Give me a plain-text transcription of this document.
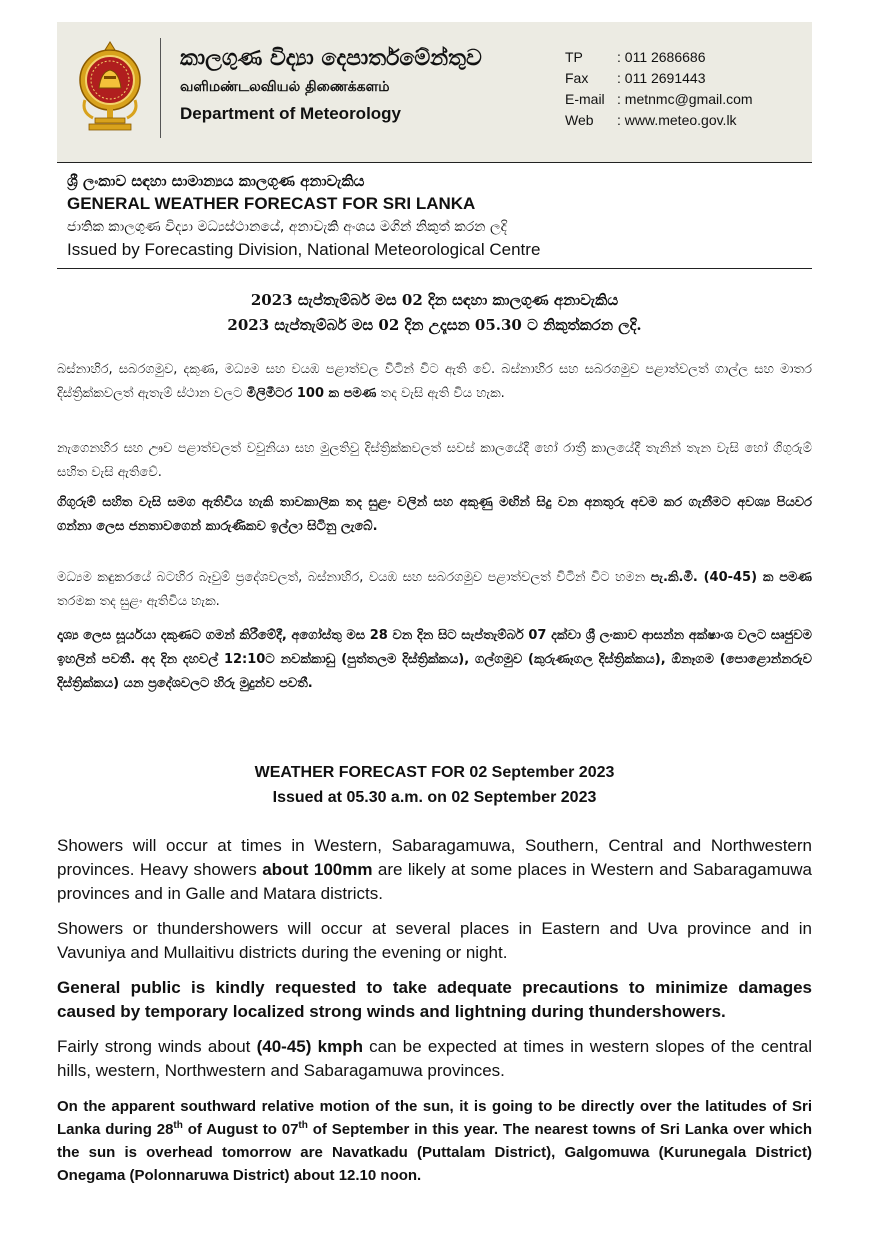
කාලගුණ විද්‍යා දෙපාර්තමේන්තුව
வளிமண்டலவியல் திணைக்களம்
Department of Meteorology
TP : 011 2686686
Fax : 011 2691443
E-mail : metnmc@gmail.com
Web : www.meteo.gov.lk
ශ්‍රී ලංකාව සඳහා සාමාන්‍යය කාලගුණ අනාවැකිය
GENERAL WEATHER FORECAST FOR SRI LANKA
ජාතික කාලගුණ විද්‍යා මධ්‍යස්ථානයේ, අනාවැකි අංශය මගින් නිකුත් කරන ලදි
Issued by Forecasting Division, National Meteorological Centre
2023 සැප්තැම්බර් මස 02 දින සඳහා කාලගුණ අනාවැකිය
2023 සැප්තැම්බර් මස 02 දින උදෑසන 05.30 ට නිකුත්කරන ලදි.
බස්නාහිර, සබරගමුව, දකුණ, මධ්‍යම සහ වයඹ පළාත්වල විටින් විට ඇති වේ. බස්නාහිර සහ සබරගමුව පළාත්වලත් ගාල්ල සහ මාතර දිස්ත්‍රික්කවලත් ඇතැම් ස්ථාන වලට මිලිමීටර 100 ක පමණ තද වැසි ඇති විය හැක.
නැගෙනහිර සහ ඌව පළාත්වලත් වවුනියා සහ මුලතිවු දිස්ත්‍රික්කවලත් සවස් කාලයේදී හෝ රාත්‍රී කාලයේදී තැනින් තැන වැසි හෝ ගිගුරුම් සහිත වැසි ඇතිවේ.
ගිගුරුම් සහිත වැසි සමග ඇතිවිය හැකි තාවකාලික තද සුළං වලින් සහ අකුණු මඟින් සිදු වන අනතුරු අවම කර ගැනීමට අවශ්‍ය පියවර ගන්නා ලෙස ජනතාවගෙන් කාරුණිකව ඉල්ලා සිටිනු ලැබේ.
මධ්‍යම කඳුකරයේ බටහිර බෑවුම් ප්‍රදේශවලත්, බස්නාහිර, වයඹ සහ සබරගමුව පළාත්වලත් විටින් විට හමන පැ.කි.මී. (40-45) ක පමණ තරමක තද සුළං ඇතිවිය හැක.
දෘශ්‍ය ලෙස සූර්යයා දකුණට ගමන් කිරීමේදී, අගෝස්තු මස 28 වන දින සිට සැප්තැම්බර් 07 දක්වා ශ්‍රී ලංකාව ආසන්න අක්ෂාංශ වලට සෘජුවම ඉහලින් පවතී. අද දින දහවල් 12:10ට නවක්කාඩු (පුත්තලම දිස්ත්‍රික්කය), ගල්ගමුව (කුරුණෑගල දිස්ත්‍රික්කය), ඕනෑගම (පොළොන්නරුව දිස්ත්‍රික්කය) යන ප්‍රදේශවලට හිරු මුදුන්ව පවතී.
WEATHER FORECAST FOR 02 September 2023
Issued at 05.30 a.m. on 02 September 2023
Showers will occur at times in Western, Sabaragamuwa, Southern, Central and Northwestern provinces. Heavy showers about 100mm are likely at some places in Western and Sabaragamuwa provinces and in Galle and Matara districts.
Showers or thundershowers will occur at several places in Eastern and Uva province and in Vavuniya and Mullaitivu districts during the evening or night.
General public is kindly requested to take adequate precautions to minimize damages caused by temporary localized strong winds and lightning during thundershowers.
Fairly strong winds about (40-45) kmph can be expected at times in western slopes of the central hills, western, Northwestern and Sabaragamuwa provinces.
On the apparent southward relative motion of the sun, it is going to be directly over the latitudes of Sri Lanka during 28th of August to 07th of September in this year. The nearest towns of Sri Lanka over which the sun is overhead tomorrow are Navatkadu (Puttalam District), Galgomuwa (Kurunegala District) Onegama (Polonnaruwa District) about 12.10 noon.
